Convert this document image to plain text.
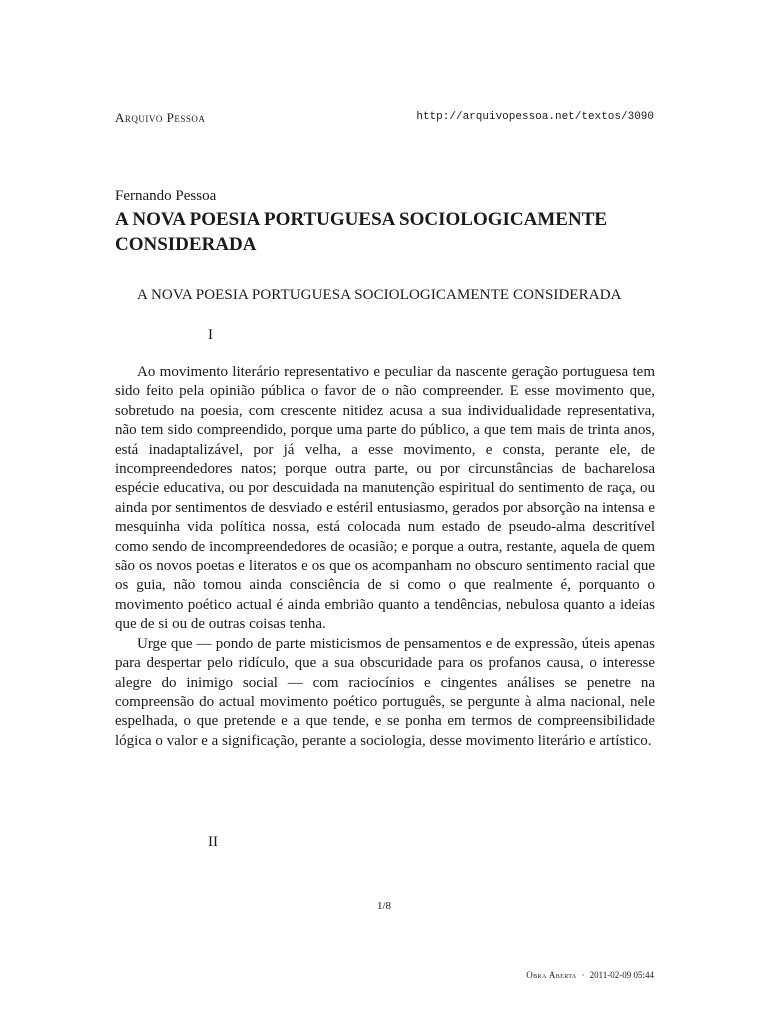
Arquivo Pessoa	http://arquivopessoa.net/textos/3090
Fernando Pessoa
A NOVA POESIA PORTUGUESA SOCIOLOGICAMENTE CONSIDERADA
A NOVA POESIA PORTUGUESA SOCIOLOGICAMENTE CONSIDERADA
I

Ao movimento literário representativo e peculiar da nascente geração portuguesa tem sido feito pela opinião pública o favor de o não compreender. E esse movimento que, sobretudo na poesia, com crescente nitidez acusa a sua individualidade representativa, não tem sido compreendido, porque uma parte do público, a que tem mais de trinta anos, está inadaptalizável, por já velha, a esse movimento, e consta, perante ele, de incompreendedores natos; porque outra parte, ou por circunstâncias de bacharelosa espécie educativa, ou por descuidada na manutenção espiritual do sentimento de raça, ou ainda por sentimentos de desviado e estéril entusiasmo, gerados por absorção na intensa e mesquinha vida política nossa, está colocada num estado de pseudo-alma descritível como sendo de incompreendedores de ocasião; e porque a outra, restante, aquela de quem são os novos poetas e literatos e os que os acompanham no obscuro sentimento racial que os guia, não tomou ainda consciência de si como o que realmente é, porquanto o movimento poético actual é ainda embrião quanto a tendências, nebulosa quanto a ideias que de si ou de outras coisas tenha.

Urge que — pondo de parte misticismos de pensamentos e de expressão, úteis apenas para despertar pelo ridículo, que a sua obscuridade para os profanos causa, o interesse alegre do inimigo social — com raciocínios e cingentes análises se penetre na compreensão do actual movimento poético português, se pergunte à alma nacional, nele espelhada, o que pretende e a que tende, e se ponha em termos de compreensibilidade lógica o valor e a significação, perante a sociologia, desse movimento literário e artístico.

II
1/8
Obra Aberta · 2011-02-09 05:44
